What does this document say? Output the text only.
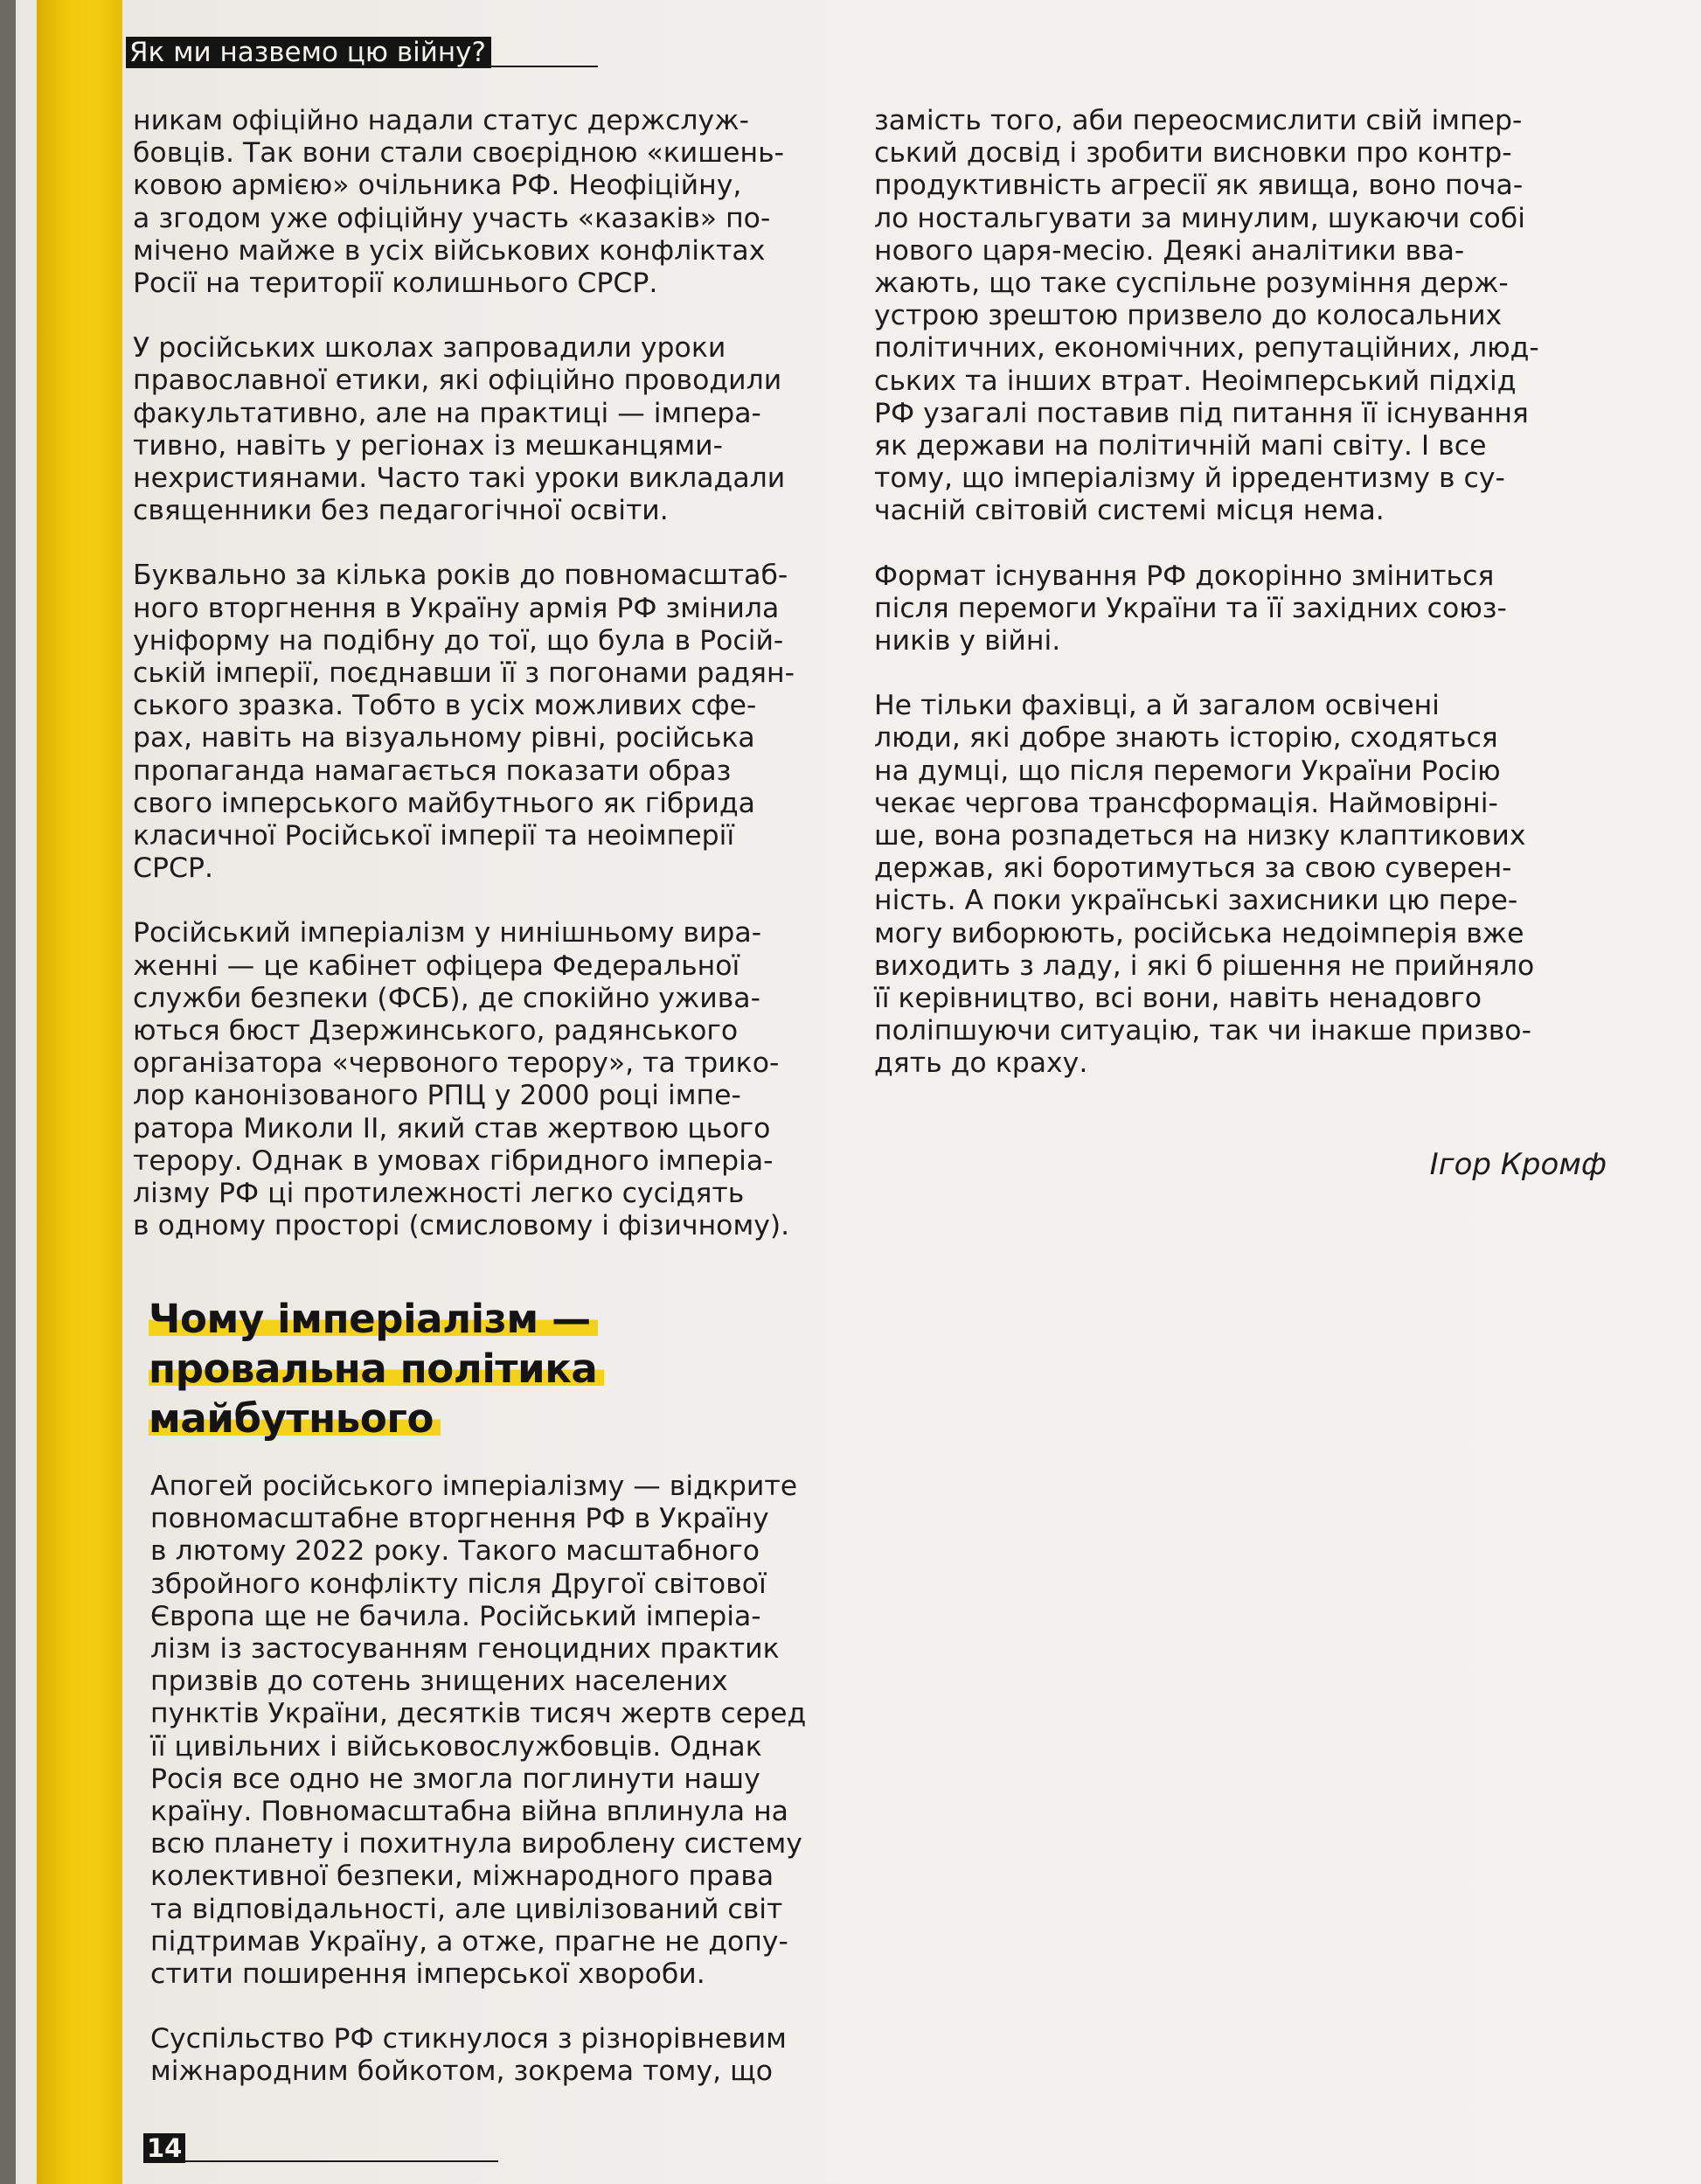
Як ми назвемо цю війну?
никам офіційно надали статус держслуж-
бовців. Так вони стали своєрідною «кишень-
ковою армією» очільника РФ. Неофіційну,
а згодом уже офіційну участь «казаків» по-
мічено майже в усіх військових конфліктах
Росії на території колишнього СРСР.
У російських школах запровадили уроки
православної етики, які офіційно проводили
факультативно, але на практиці — імпера-
тивно, навіть у регіонах із мешканцями-
нехристиянами. Часто такі уроки викладали
священники без педагогічної освіти.
Буквально за кілька років до повномасштаб-
ного вторгнення в Україну армія РФ змінила
уніформу на подібну до тої, що була в Росій-
ській імперії, поєднавши її з погонами радян-
ського зразка. Тобто в усіх можливих сфе-
рах, навіть на візуальному рівні, російська
пропаганда намагається показати образ
свого імперського майбутнього як гібрида
класичної Російської імперії та неоімперії
СРСР.
Російський імперіалізм у нинішньому вира-
женні — це кабінет офіцера Федеральної
служби безпеки (ФСБ), де спокійно ужива-
ються бюст Дзержинського, радянського
організатора «червоного терору», та трико-
лор канонізованого РПЦ у 2000 році імпе-
ратора Миколи II, який став жертвою цього
терору. Однак в умовах гібридного імперіа-
лізму РФ ці протилежності легко сусідять
в одному просторі (смисловому і фізичному).
Чому імперіалізм —
провальна політика
майбутнього
Апогей російського імперіалізму — відкрите
повномасштабне вторгнення РФ в Україну
в лютому 2022 року. Такого масштабного
збройного конфлікту після Другої світової
Європа ще не бачила. Російський імперіа-
лізм із застосуванням геноцидних практик
призвів до сотень знищених населених
пунктів України, десятків тисяч жертв серед
її цивільних і військовослужбовців. Однак
Росія все одно не змогла поглинути нашу
країну. Повномасштабна війна вплинула на
всю планету і похитнула вироблену систему
колективної безпеки, міжнародного права
та відповідальності, але цивілізований світ
підтримав Україну, а отже, прагне не допу-
стити поширення імперської хвороби.
Суспільство РФ стикнулося з різнорівневим
міжнародним бойкотом, зокрема тому, що
замість того, аби переосмислити свій імпер-
ський досвід і зробити висновки про контр-
продуктивність агресії як явища, воно поча-
ло ностальгувати за минулим, шукаючи собі
нового царя-месію. Деякі аналітики вва-
жають, що таке суспільне розуміння держ-
устрою зрештою призвело до колосальних
політичних, економічних, репутаційних, люд-
ських та інших втрат. Неоімперський підхід
РФ узагалі поставив під питання її існування
як держави на політичній мапі світу. І все
тому, що імперіалізму й ірредентизму в су-
часній світовій системі місця нема.
Формат існування РФ докорінно зміниться
після перемоги України та її західних союз-
ників у війні.
Не тільки фахівці, а й загалом освічені
люди, які добре знають історію, сходяться
на думці, що після перемоги України Росію
чекає чергова трансформація. Наймовірні-
ше, вона розпадеться на низку клаптикових
держав, які боротимуться за свою суверен-
ність. А поки українські захисники цю пере-
могу виборюють, російська недоімперія вже
виходить з ладу, і які б рішення не прийняло
її керівництво, всі вони, навіть ненадовго
поліпшуючи ситуацію, так чи інакше призво-
дять до краху.
Ігор Кромф
14
